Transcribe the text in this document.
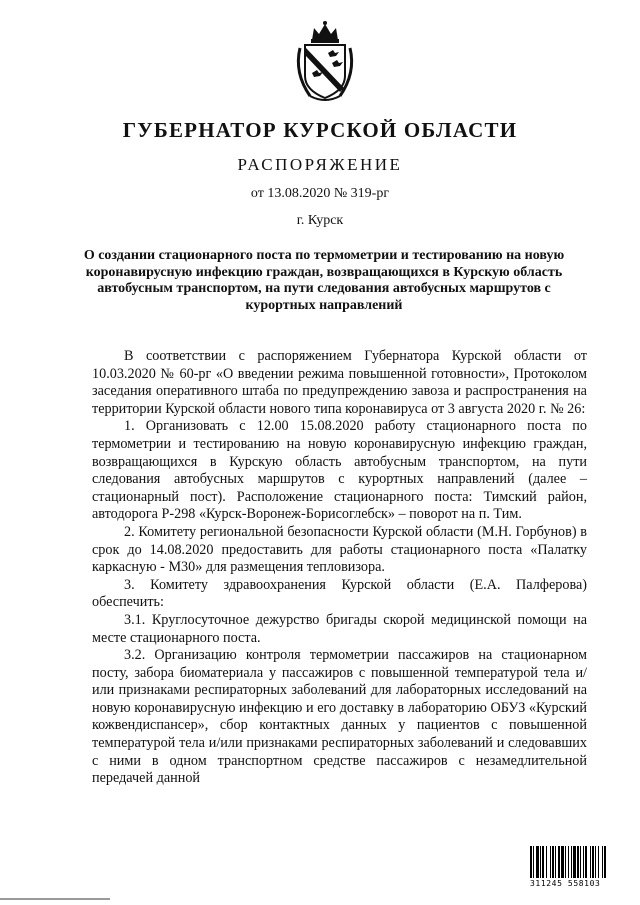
ГУБЕРНАТОР КУРСКОЙ ОБЛАСТИ
РАСПОРЯЖЕНИЕ
от 13.08.2020 № 319-рг
г. Курск
О создании стационарного поста по термометрии и тестированию на новую коронавирусную инфекцию граждан, возвращающихся в Курскую область автобусным транспортом, на пути следования автобусных маршрутов с курортных направлений

В соответствии с распоряжением Губернатора Курской области от 10.03.2020 № 60-рг «О введении режима повышенной готовности», Протоколом заседания оперативного штаба по предупреждению завоза и распространения на территории Курской области нового типа коронавируса от 3 августа 2020 г. № 26:

1. Организовать с 12.00 15.08.2020 работу стационарного поста по термометрии и тестированию на новую коронавирусную инфекцию граждан, возвращающихся в Курскую область автобусным транспортом, на пути следования автобусных маршрутов с курортных направлений (далее – стационарный пост). Расположение стационарного поста: Тимский район, автодорога Р-298 «Курск-Воронеж-Борисоглебск» – поворот на п. Тим.

2. Комитету региональной безопасности Курской области (М.Н. Горбунов) в срок до 14.08.2020 предоставить для работы стационарного поста «Палатку каркасную - М30» для размещения тепловизора.

3. Комитету здравоохранения Курской области (Е.А. Палферова) обеспечить:

3.1. Круглосуточное дежурство бригады скорой медицинской помощи на месте стационарного поста.

3.2. Организацию контроля термометрии пассажиров на стационарном посту, забора биоматериала у пассажиров с повышенной температурой тела и/или признаками респираторных заболеваний для лабораторных исследований на новую коронавирусную инфекцию и его доставку в лабораторию ОБУЗ «Курский кожвендиспансер», сбор контактных данных у пациентов с повышенной температурой тела и/или признаками респираторных заболеваний и следовавших с ними в одном транспортном средстве пассажиров с незамедлительной передачей данной

311245 558103
